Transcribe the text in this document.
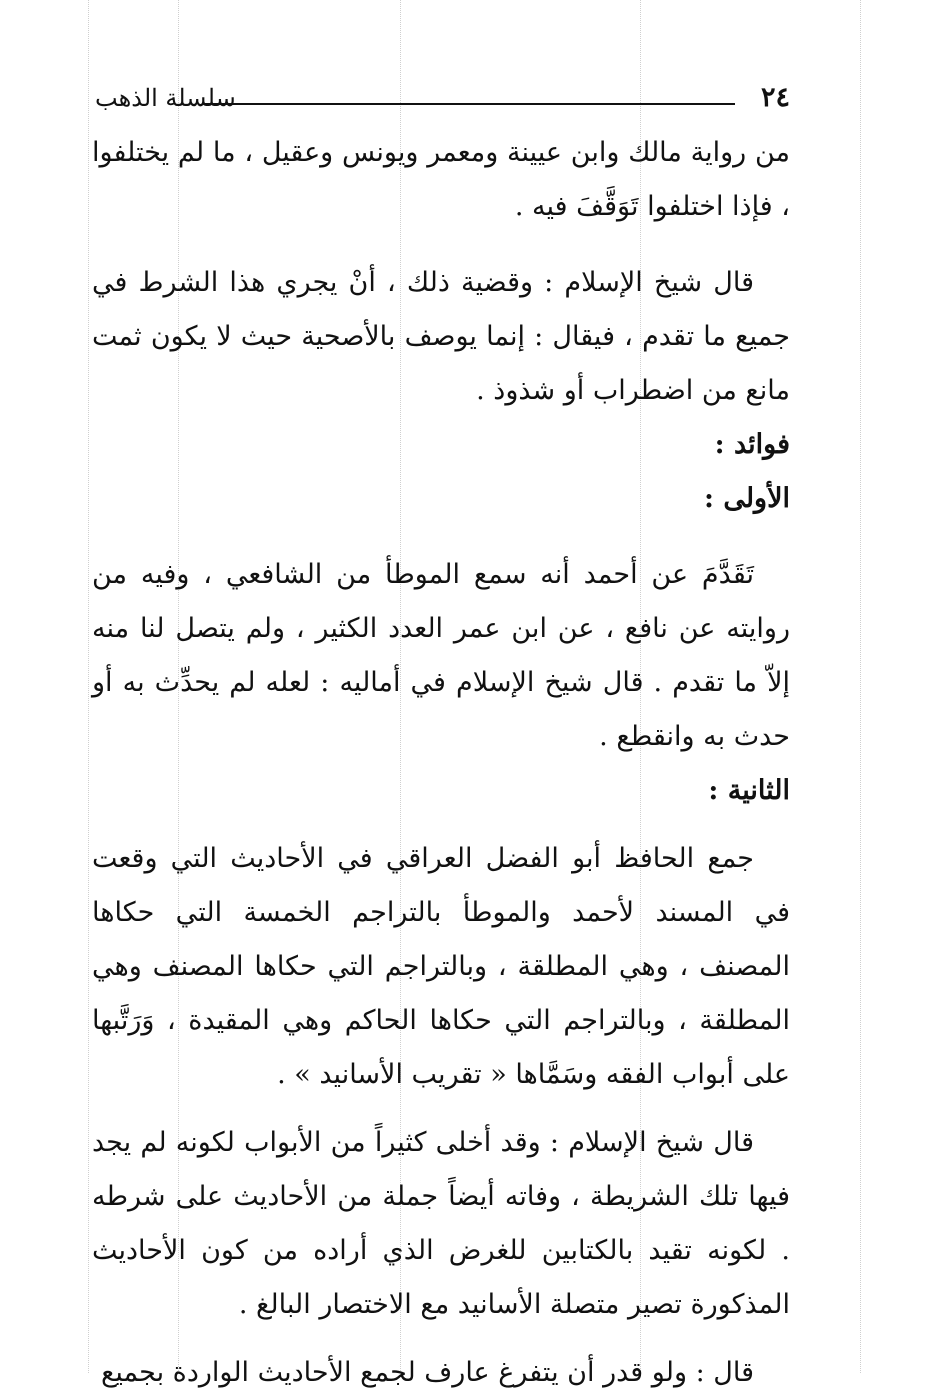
٢٤
سلسلة الذهب

من رواية مالك وابن عيينة ومعمر ويونس وعقيل ، ما لم يختلفوا ، فإذا اختلفوا تَوَقَّفَ فيه .

قال شيخ الإسلام : وقضية ذلك ، أنْ يجري هذا الشرط في جميع ما تقدم ، فيقال : إنما يوصف بالأصحية حيث لا يكون ثمت مانع من اضطراب أو شذوذ .

فوائد :

الأولى :

تَقَدَّمَ عن أحمد أنه سمع الموطأ من الشافعي ، وفيه من روايته عن نافع ، عن ابن عمر العدد الكثير ، ولم يتصل لنا منه إلاّ ما تقدم . قال شيخ الإسلام في أماليه : لعله لم يحدِّث به أو حدث به وانقطع .

الثانية :

جمع الحافظ أبو الفضل العراقي في الأحاديث التي وقعت في المسند لأحمد والموطأ بالتراجم الخمسة التي حكاها المصنف ، وهي المطلقة ، وبالتراجم التي حكاها المصنف وهي المطلقة ، وبالتراجم التي حكاها الحاكم وهي المقيدة ، وَرَتَّبها على أبواب الفقه وسَمَّاها « تقريب الأسانيد » .

قال شيخ الإسلام : وقد أخلى كثيراً من الأبواب لكونه لم يجد فيها تلك الشريطة ، وفاته أيضاً جملة من الأحاديث على شرطه . لكونه تقيد بالكتابين للغرض الذي أراده من كون الأحاديث المذكورة تصير متصلة الأسانيد مع الاختصار البالغ .

قال : ولو قدر أن يتفرغ عارف لجمع الأحاديث الواردة بجميع
